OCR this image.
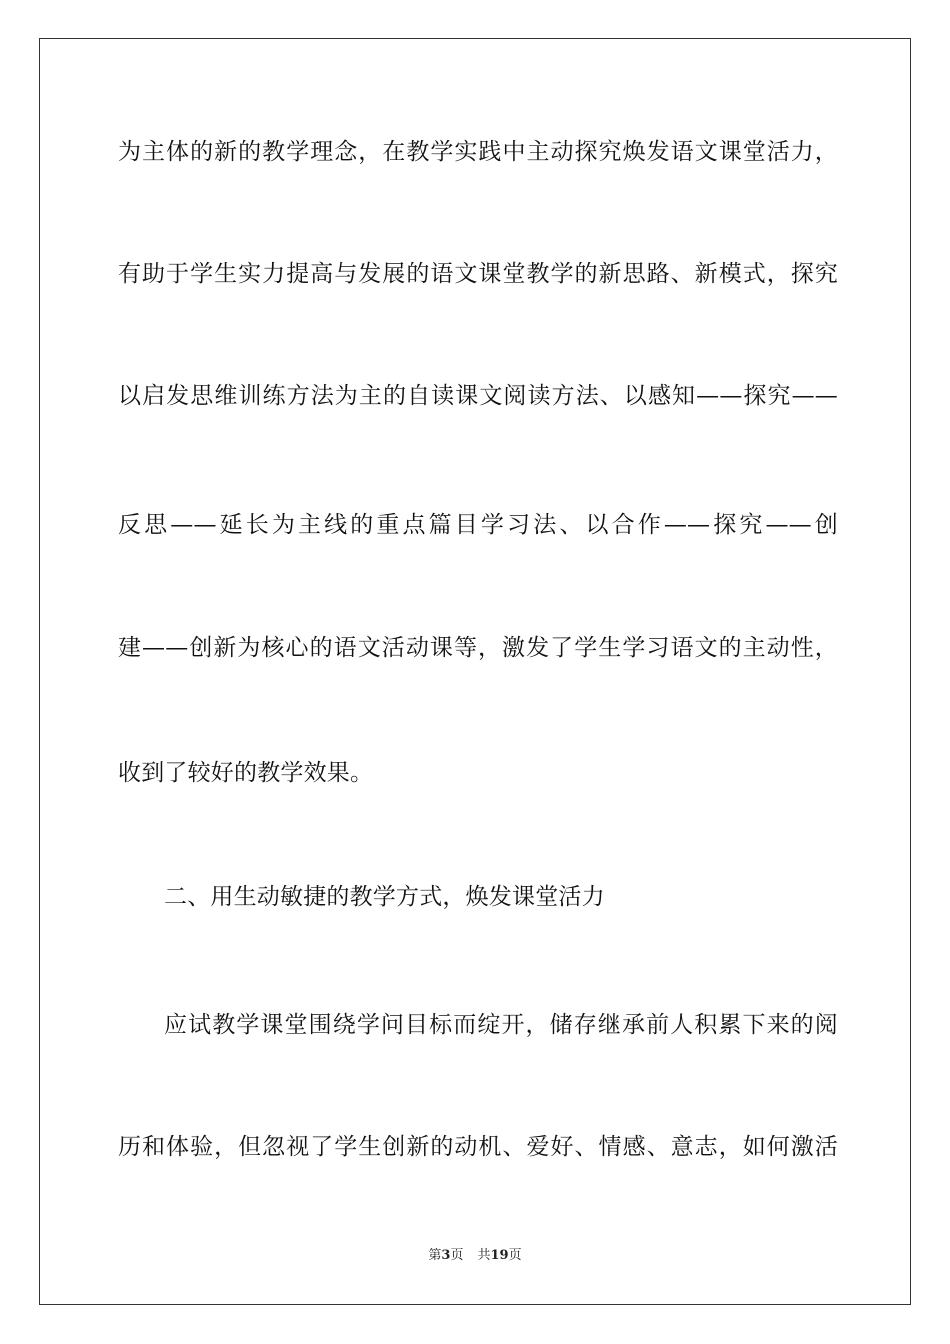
为主体的新的教学理念，在教学实践中主动探究焕发语文课堂活力，
有助于学生实力提高与发展的语文课堂教学的新思路、新模式，探究
以启发思维训练方法为主的自读课文阅读方法、以感知——探究——
反思——延长为主线的重点篇目学习法、以合作——探究——创
建——创新为核心的语文活动课等，激发了学生学习语文的主动性，
收到了较好的教学效果。
二、用生动敏捷的教学方式，焕发课堂活力
应试教学课堂围绕学问目标而绽开，储存继承前人积累下来的阅
历和体验，但忽视了学生创新的动机、爱好、情感、意志，如何激活
第3页 共19页
